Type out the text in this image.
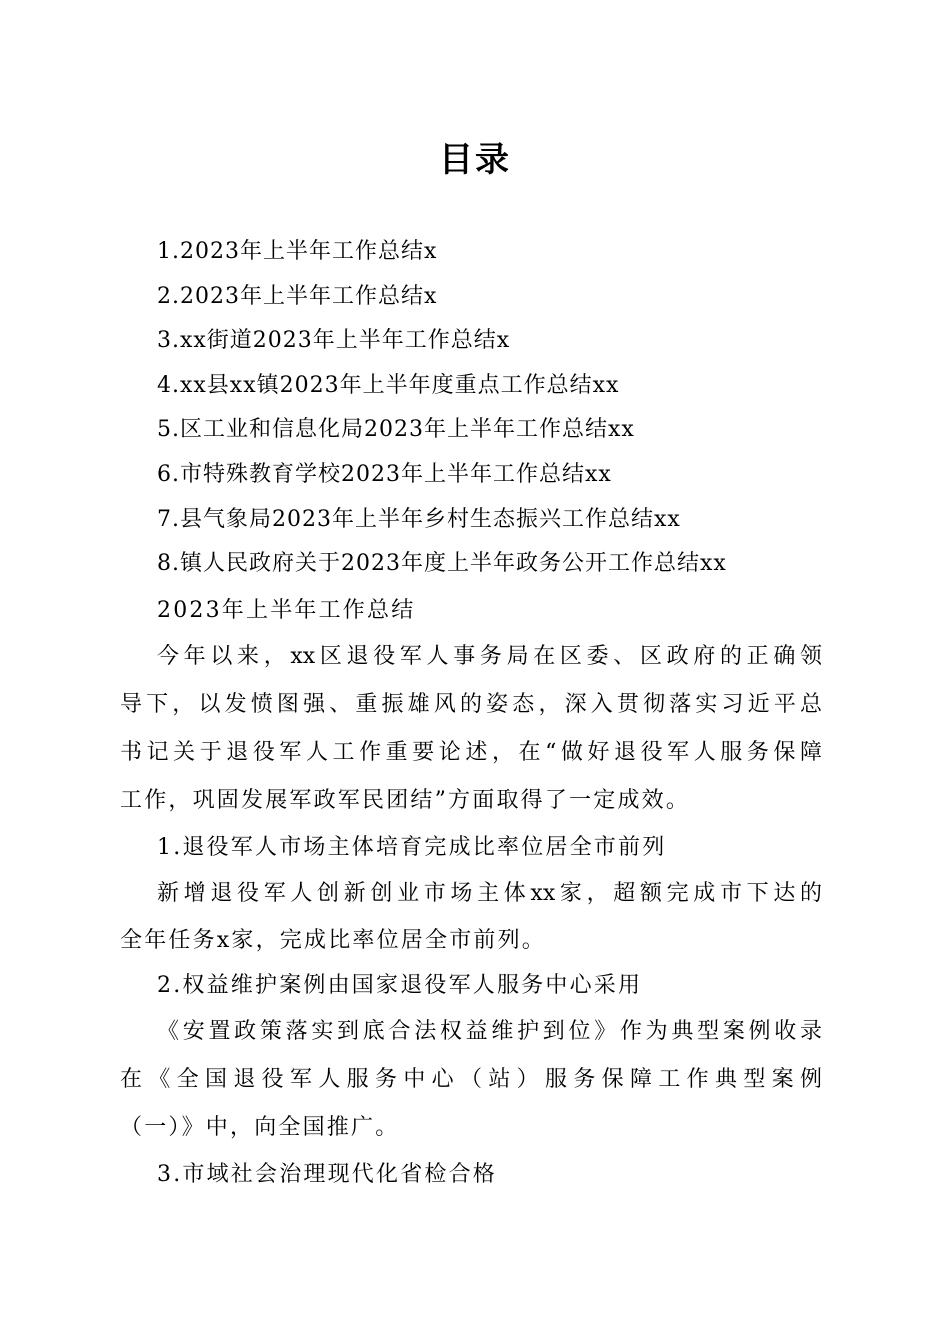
目录
1.2023年上半年工作总结x
2.2023年上半年工作总结x
3.xx街道2023年上半年工作总结x
4.xx县xx镇2023年上半年度重点工作总结xx
5.区工业和信息化局2023年上半年工作总结xx
6.市特殊教育学校2023年上半年工作总结xx
7.县气象局2023年上半年乡村生态振兴工作总结xx
8.镇人民政府关于2023年度上半年政务公开工作总结xx
2023年上半年工作总结
今年以来，xx区退役军人事务局在区委、区政府的正确领
导下，以发愤图强、重振雄风的姿态，深入贯彻落实习近平总
书记关于退役军人工作重要论述，在“做好退役军人服务保障
工作，巩固发展军政军民团结”方面取得了一定成效。
1.退役军人市场主体培育完成比率位居全市前列
新增退役军人创新创业市场主体xx家，超额完成市下达的
全年任务x家，完成比率位居全市前列。
2.权益维护案例由国家退役军人服务中心采用
《安置政策落实到底合法权益维护到位》作为典型案例收录
在《全国退役军人服务中心（站）服务保障工作典型案例
（一）》中，向全国推广。
3.市域社会治理现代化省检合格
